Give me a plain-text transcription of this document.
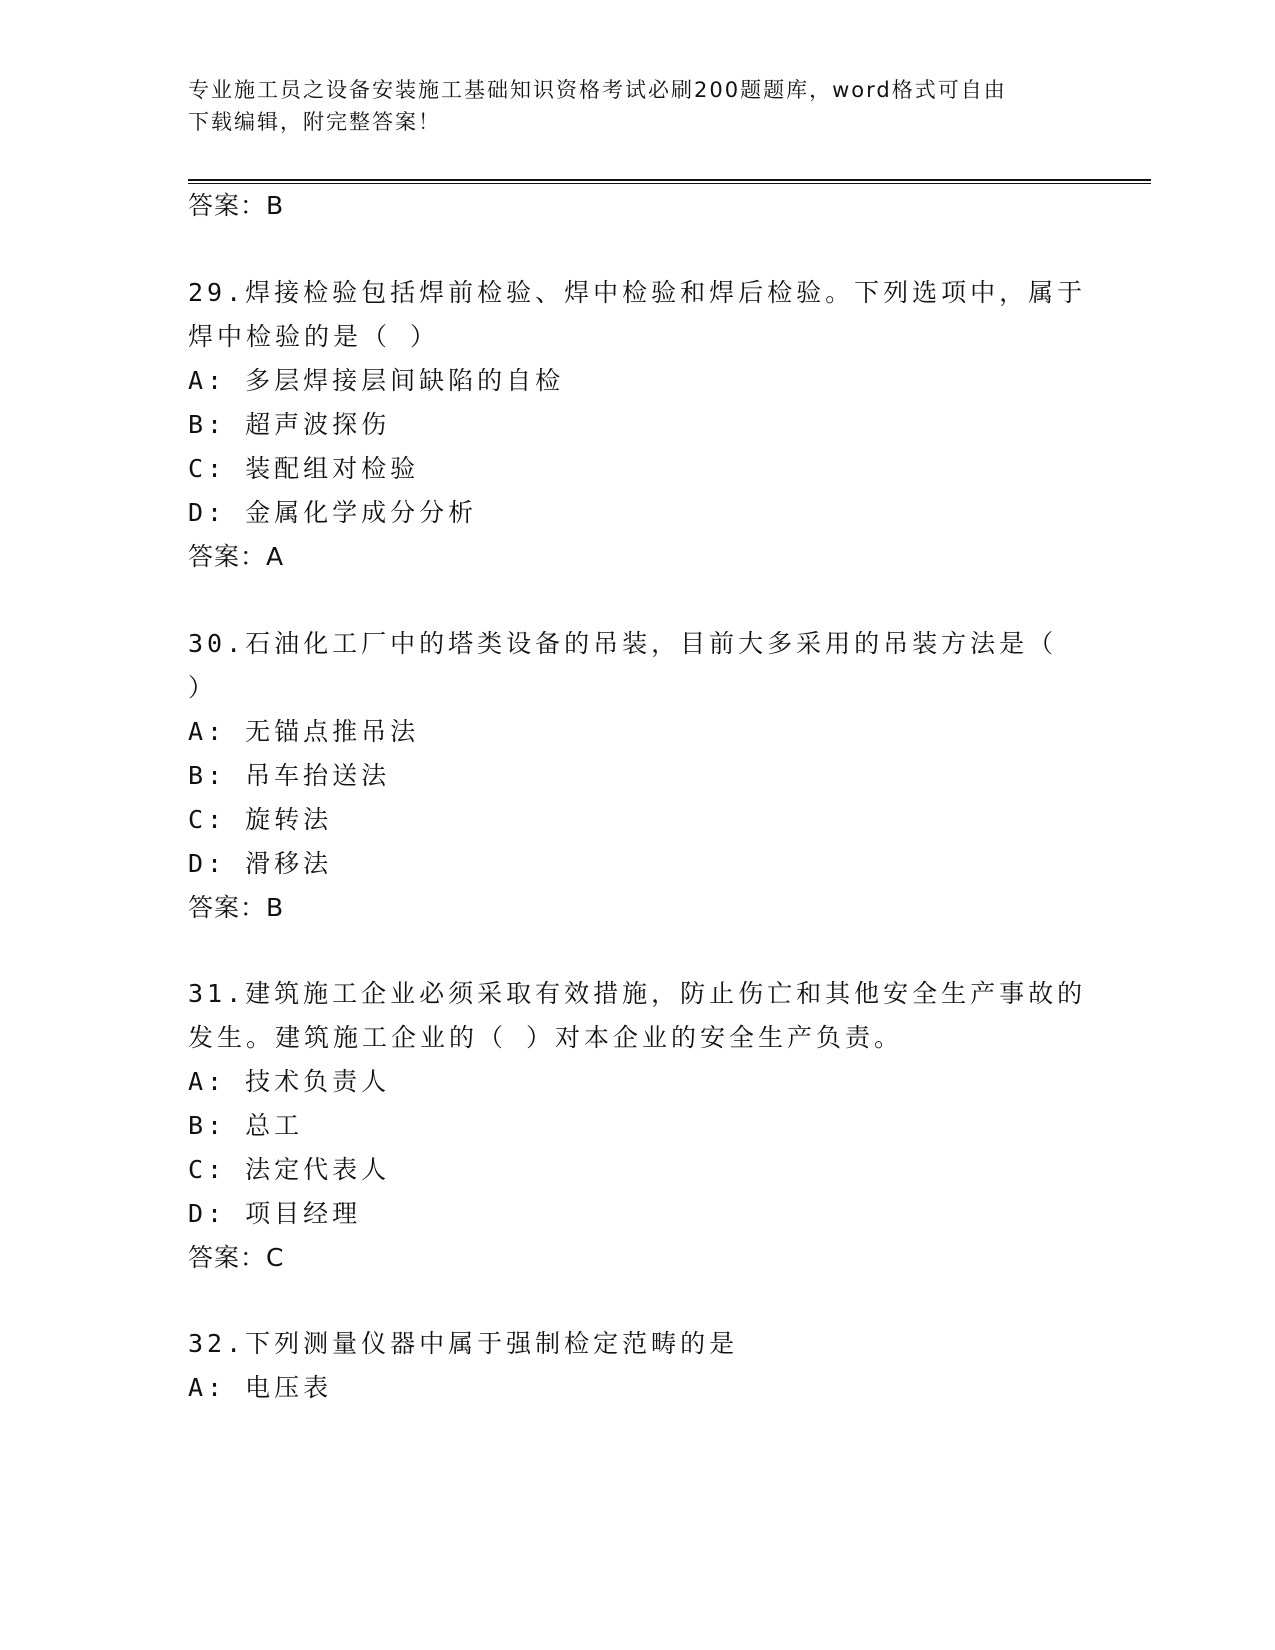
专业施工员之设备安装施工基础知识资格考试必刷200题题库，word格式可自由
下载编辑，附完整答案！
答案：B
29.焊接检验包括焊前检验、焊中检验和焊后检验。下列选项中，属于
焊中检验的是（ ）
A: 多层焊接层间缺陷的自检
B: 超声波探伤
C: 装配组对检验
D: 金属化学成分分析
答案：A
30.石油化工厂中的塔类设备的吊装，目前大多采用的吊装方法是（
）
A: 无锚点推吊法
B: 吊车抬送法
C: 旋转法
D: 滑移法
答案：B
31.建筑施工企业必须采取有效措施，防止伤亡和其他安全生产事故的
发生。建筑施工企业的（ ）对本企业的安全生产负责。
A: 技术负责人
B: 总工
C: 法定代表人
D: 项目经理
答案：C
32.下列测量仪器中属于强制检定范畴的是
A: 电压表
